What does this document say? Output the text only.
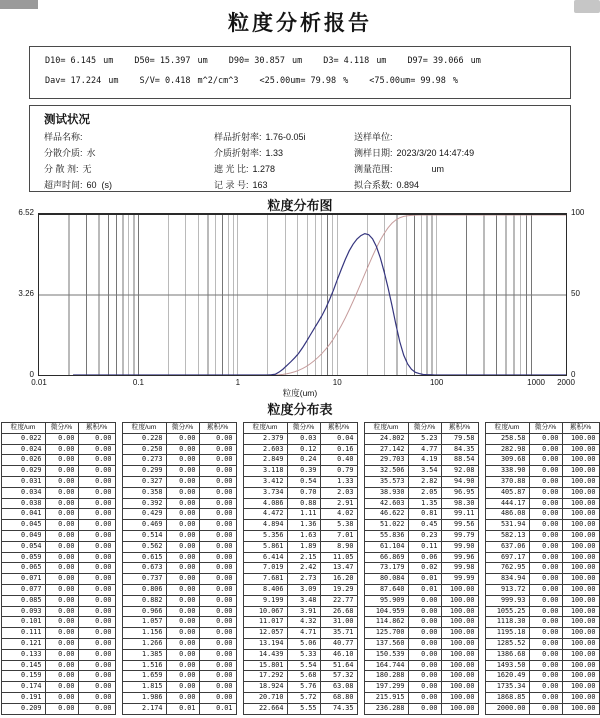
粒度分析报告
D10= 6.145 um D50= 15.397 um D90= 30.857 um D3= 4.118 um D97= 39.066 um
Dav= 17.224 um S/V= 0.418 m^2/cm^3 <25.00um= 79.98 % <75.00um= 99.98 %
测试状况
样品名称:	样品折射率: 1.76-0.05i	送样单位:
分散介质: 水	介质折射率: 1.33	测样日期: 2023/3/20 14:47:49
分 散 剂: 无	遮 光 比: 1.278	测量范围:              um
超声时间: 60  (s)	记 录 号: 163	拟合系数: 0.894
粒度分布图
6.52
3.26
0
100
50
0
0.01	0.1	1	10	100	1000 2000
粒度(um)
粒度分布表
粒度/um	微分/%	累积/%
0.022	0.00	0.00
0.024	0.00	0.00
0.026	0.00	0.00
0.029	0.00	0.00
0.031	0.00	0.00
0.034	0.00	0.00
0.038	0.00	0.00
0.041	0.00	0.00
0.045	0.00	0.00
0.049	0.00	0.00
0.054	0.00	0.00
0.059	0.00	0.00
0.065	0.00	0.00
0.071	0.00	0.00
0.077	0.00	0.00
0.085	0.00	0.00
0.093	0.00	0.00
0.101	0.00	0.00
0.111	0.00	0.00
0.121	0.00	0.00
0.133	0.00	0.00
0.145	0.00	0.00
0.159	0.00	0.00
0.174	0.00	0.00
0.191	0.00	0.00
0.209	0.00	0.00
粒度/um	微分/%	累积/%
0.228	0.00	0.00
0.250	0.00	0.00
0.273	0.00	0.00
0.299	0.00	0.00
0.327	0.00	0.00
0.358	0.00	0.00
0.392	0.00	0.00
0.429	0.00	0.00
0.469	0.00	0.00
0.514	0.00	0.00
0.562	0.00	0.00
0.615	0.00	0.00
0.673	0.00	0.00
0.737	0.00	0.00
0.806	0.00	0.00
0.882	0.00	0.00
0.966	0.00	0.00
1.057	0.00	0.00
1.156	0.00	0.00
1.266	0.00	0.00
1.385	0.00	0.00
1.516	0.00	0.00
1.659	0.00	0.00
1.815	0.00	0.00
1.986	0.00	0.00
2.174	0.01	0.01
粒度/um	微分/%	累积/%
2.379	0.03	0.04
2.603	0.12	0.16
2.849	0.24	0.40
3.118	0.39	0.79
3.412	0.54	1.33
3.734	0.70	2.03
4.086	0.88	2.91
4.472	1.11	4.02
4.894	1.36	5.38
5.356	1.63	7.01
5.861	1.89	8.90
6.414	2.15	11.05
7.019	2.42	13.47
7.681	2.73	16.20
8.406	3.09	19.29
9.199	3.48	22.77
10.067	3.91	26.68
11.017	4.32	31.00
12.057	4.71	35.71
13.194	5.06	40.77
14.439	5.33	46.10
15.801	5.54	51.64
17.292	5.68	57.32
18.924	5.76	63.08
20.710	5.72	68.80
22.664	5.55	74.35
粒度/um	微分/%	累积/%
24.802	5.23	79.58
27.142	4.77	84.35
29.703	4.19	88.54
32.506	3.54	92.08
35.573	2.82	94.90
38.930	2.05	96.95
42.603	1.35	98.30
46.622	0.81	99.11
51.022	0.45	99.56
55.836	0.23	99.79
61.104	0.11	99.90
66.869	0.06	99.96
73.179	0.02	99.98
80.084	0.01	99.99
87.640	0.01	100.00
95.909	0.00	100.00
104.959	0.00	100.00
114.862	0.00	100.00
125.700	0.00	100.00
137.560	0.00	100.00
150.539	0.00	100.00
164.744	0.00	100.00
180.288	0.00	100.00
197.299	0.00	100.00
215.915	0.00	100.00
236.288	0.00	100.00
粒度/um	微分/%	累积/%
258.58	0.00	100.00
282.98	0.00	100.00
309.68	0.00	100.00
338.90	0.00	100.00
370.88	0.00	100.00
405.87	0.00	100.00
444.17	0.00	100.00
486.08	0.00	100.00
531.94	0.00	100.00
582.13	0.00	100.00
637.06	0.00	100.00
697.17	0.00	100.00
762.95	0.00	100.00
834.94	0.00	100.00
913.72	0.00	100.00
999.93	0.00	100.00
1055.25	0.00	100.00
1118.30	0.00	100.00
1195.18	0.00	100.00
1285.52	0.00	100.00
1386.68	0.00	100.00
1493.50	0.00	100.00
1620.49	0.00	100.00
1735.34	0.00	100.00
1868.85	0.00	100.00
2000.00	0.00	100.00
